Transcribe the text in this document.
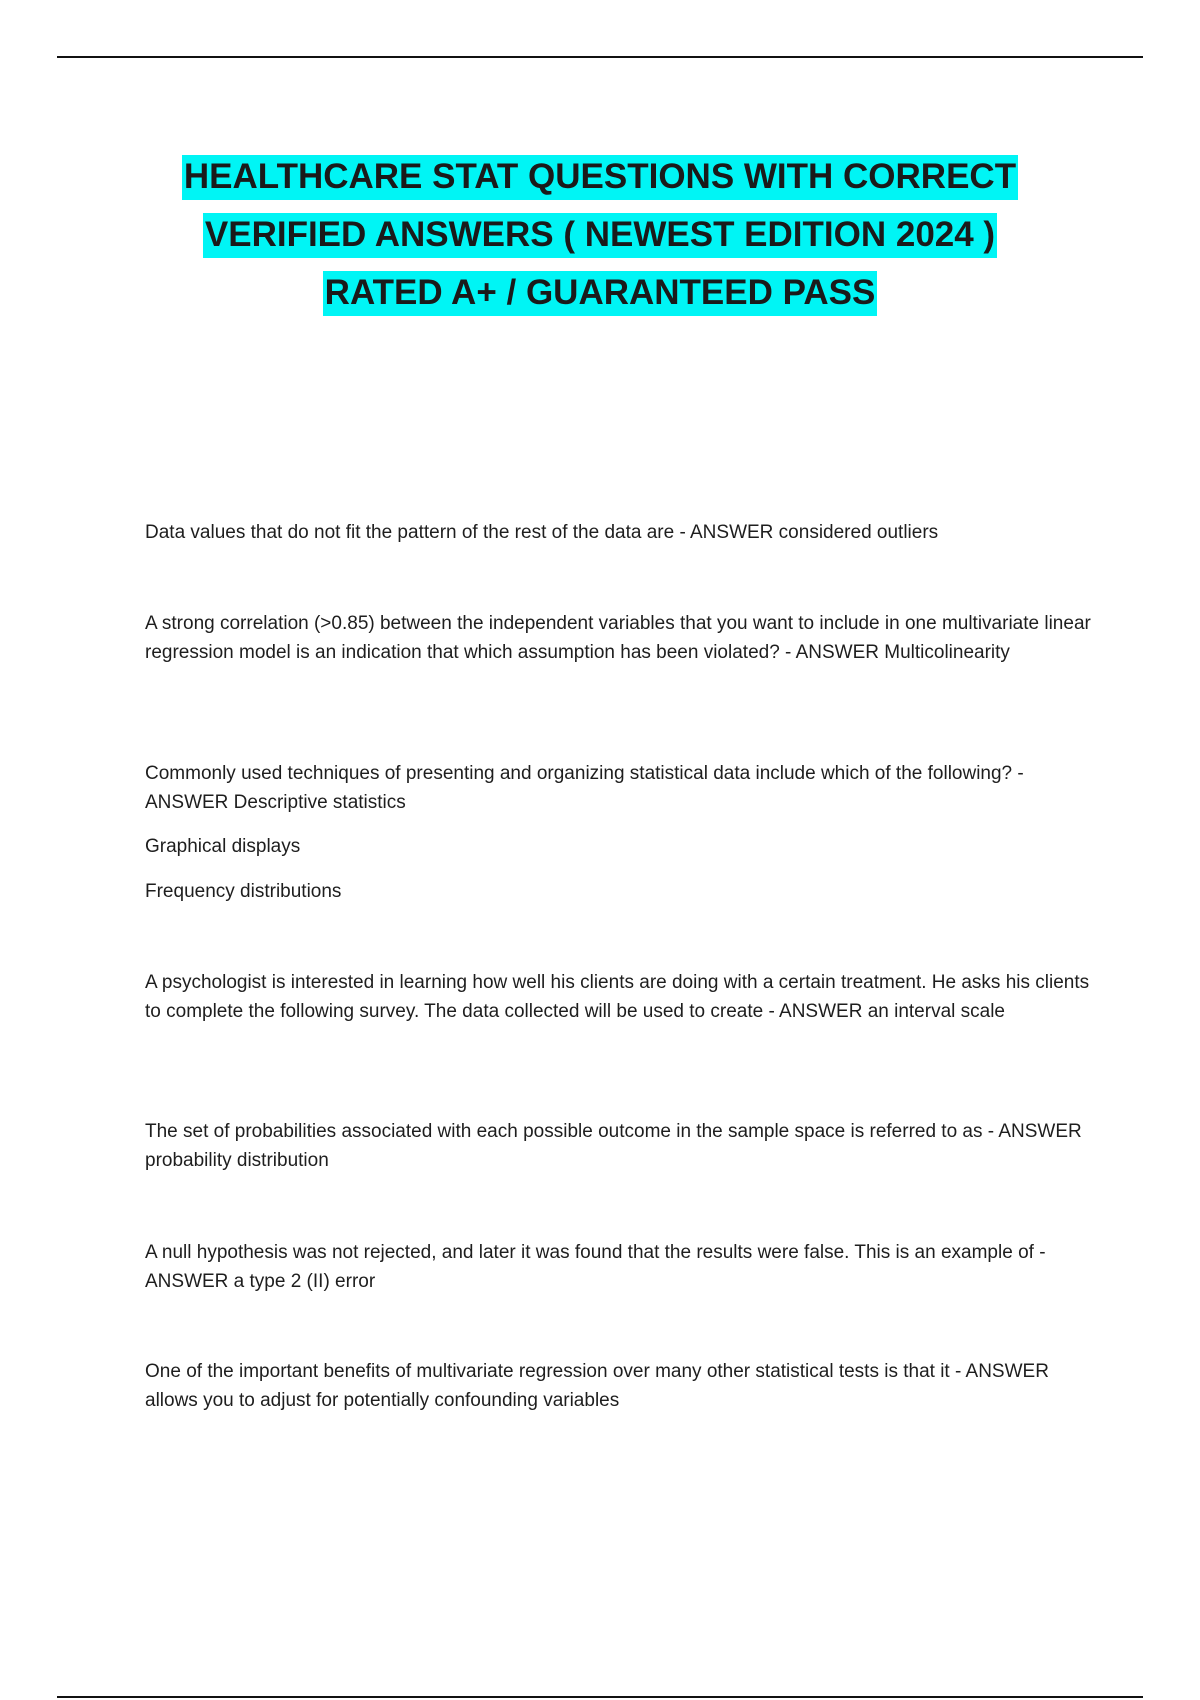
HEALTHCARE STAT QUESTIONS WITH CORRECT
VERIFIED ANSWERS ( NEWEST EDITION 2024 )
RATED A+ / GUARANTEED PASS

Data values that do not fit the pattern of the rest of the data are - ANSWER considered outliers

A strong correlation (>0.85) between the independent variables that you want to include in one multivariate linear regression model is an indication that which assumption has been violated? - ANSWER Multicolinearity

Commonly used techniques of presenting and organizing statistical data include which of the following? - ANSWER Descriptive statistics

Graphical displays

Frequency distributions

A psychologist is interested in learning how well his clients are doing with a certain treatment. He asks his clients to complete the following survey. The data collected will be used to create - ANSWER an interval scale

The set of probabilities associated with each possible outcome in the sample space is referred to as - ANSWER probability distribution

A null hypothesis was not rejected, and later it was found that the results were false. This is an example of - ANSWER a type 2 (II) error

One of the important benefits of multivariate regression over many other statistical tests is that it - ANSWER allows you to adjust for potentially confounding variables
